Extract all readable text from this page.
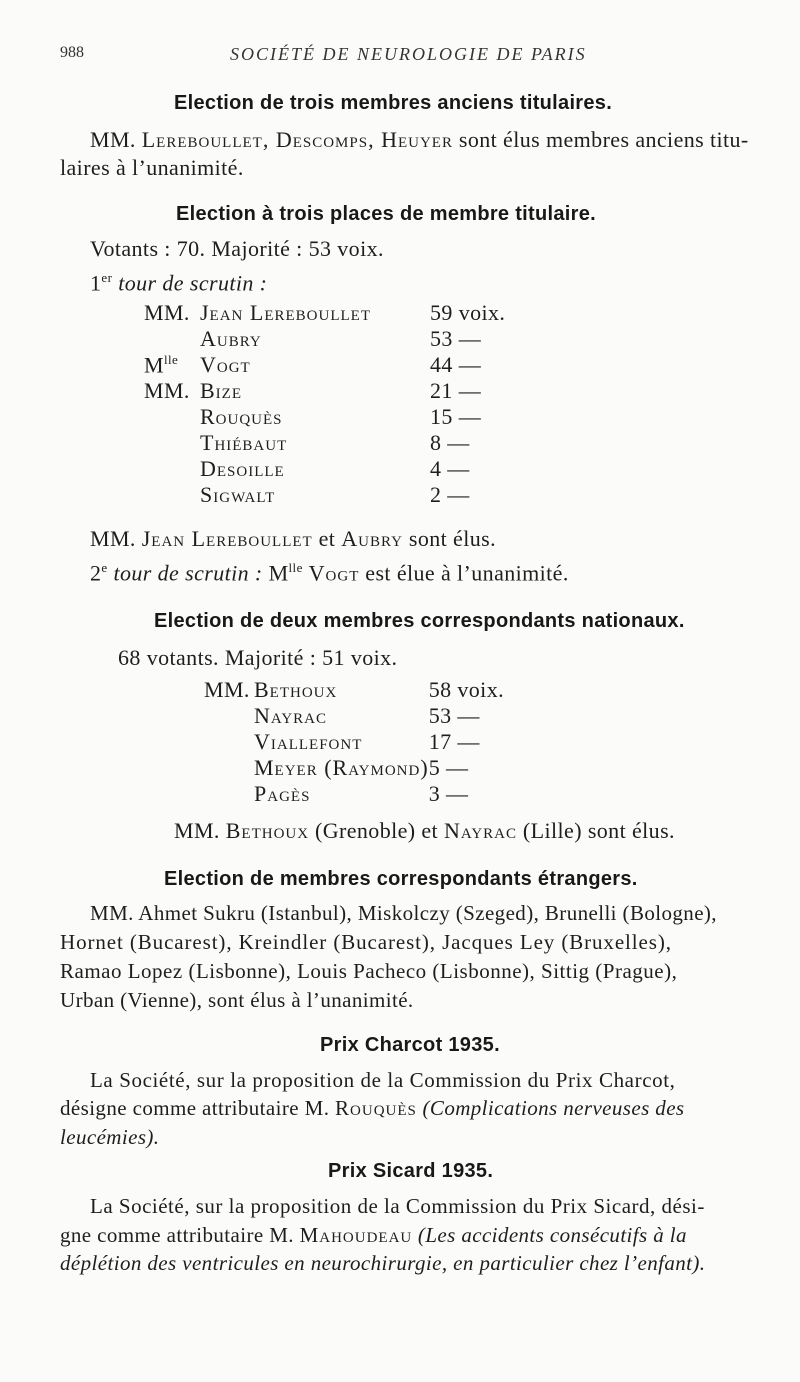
988	SOCIÉTÉ DE NEUROLOGIE DE PARIS
Election de trois membres anciens titulaires.
MM. Lereboullet, Descomps, Heuyer sont élus membres anciens titu-
laires à l’unanimité.
Election à trois places de membre titulaire.
Votants : 70. Majorité : 53 voix.
1er tour de scrutin :
MM.	Jean Lereboullet	59 voix.
	Aubry	53 —
$M^{lle}$	Vogt	44 —
MM.	Bize	21 —
	Rouquès	15 —
	Thiébaut	8 —
	Desoille	4 —
	Sigwalt	2 —
MM. Jean Lereboullet et Aubry sont élus.
2e tour de scrutin : $M^{lle}$ Vogt est élue à l’unanimité.
Election de deux membres correspondants nationaux.
68 votants. Majorité : 51 voix.
MM.	Bethoux	58 voix.
	Nayrac	53 —
	Viallefont	17 —
	Meyer (Raymond)	5 —
	Pagès	3 —
MM. Bethoux (Grenoble) et Nayrac (Lille) sont élus.
Election de membres correspondants étrangers.
MM. Ahmet Sukru (Istanbul), Miskolczy (Szeged), Brunelli (Bologne),
Hornet (Bucarest), Kreindler (Bucarest), Jacques Ley (Bruxelles),
Ramao Lopez (Lisbonne), Louis Pacheco (Lisbonne), Sittig (Prague),
Urban (Vienne), sont élus à l’unanimité.
Prix Charcot 1935.
La Société, sur la proposition de la Commission du Prix Charcot,
désigne comme attributaire M. Rouquès (Complications nerveuses des
leucémies).
Prix Sicard 1935.
La Société, sur la proposition de la Commission du Prix Sicard, dési-
gne comme attributaire M. Mahoudeau (Les accidents consécutifs à la
déplétion des ventricules en neurochirurgie, en particulier chez l’enfant).
